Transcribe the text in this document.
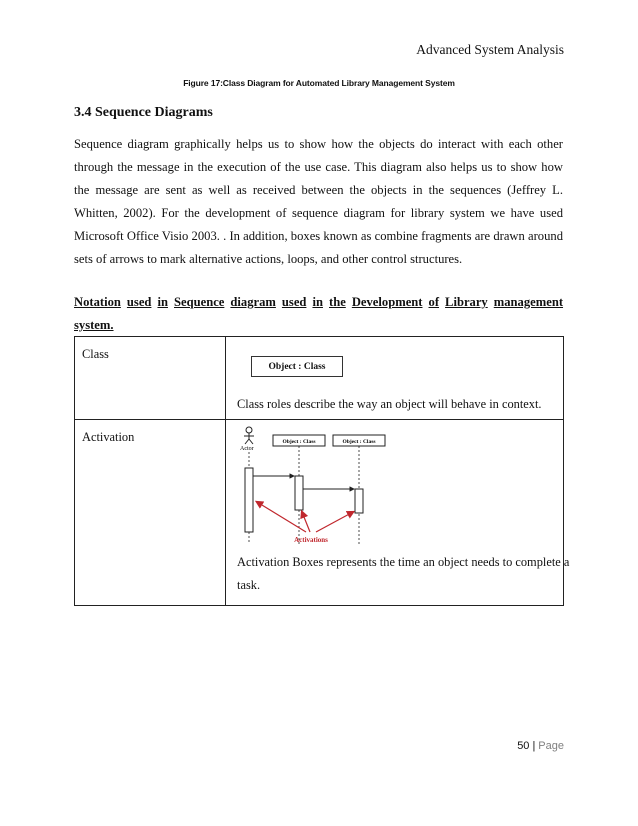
Advanced System Analysis
Figure 17:Class Diagram for Automated Library Management System
3.4 Sequence Diagrams
Sequence diagram graphically helps us to show how the objects do interact with each other through the message in the execution of the use case. This diagram also helps us to show how the message are sent as well as received between the objects in the sequences (Jeffrey L. Whitten, 2002). For the development of sequence diagram for library system we have used Microsoft Office Visio 2003. . In addition, boxes known as combine fragments are drawn around sets of arrows to mark alternative actions, loops, and other control structures.
Notation used in Sequence diagram used in the Development of Library management system.
Class	Object : Class
Class roles describe the way an object will behave in context.

Activation	Actor
Object : Class Object : Class
Activations
Activation Boxes represents the time an object needs to complete a task.
50 | Page
